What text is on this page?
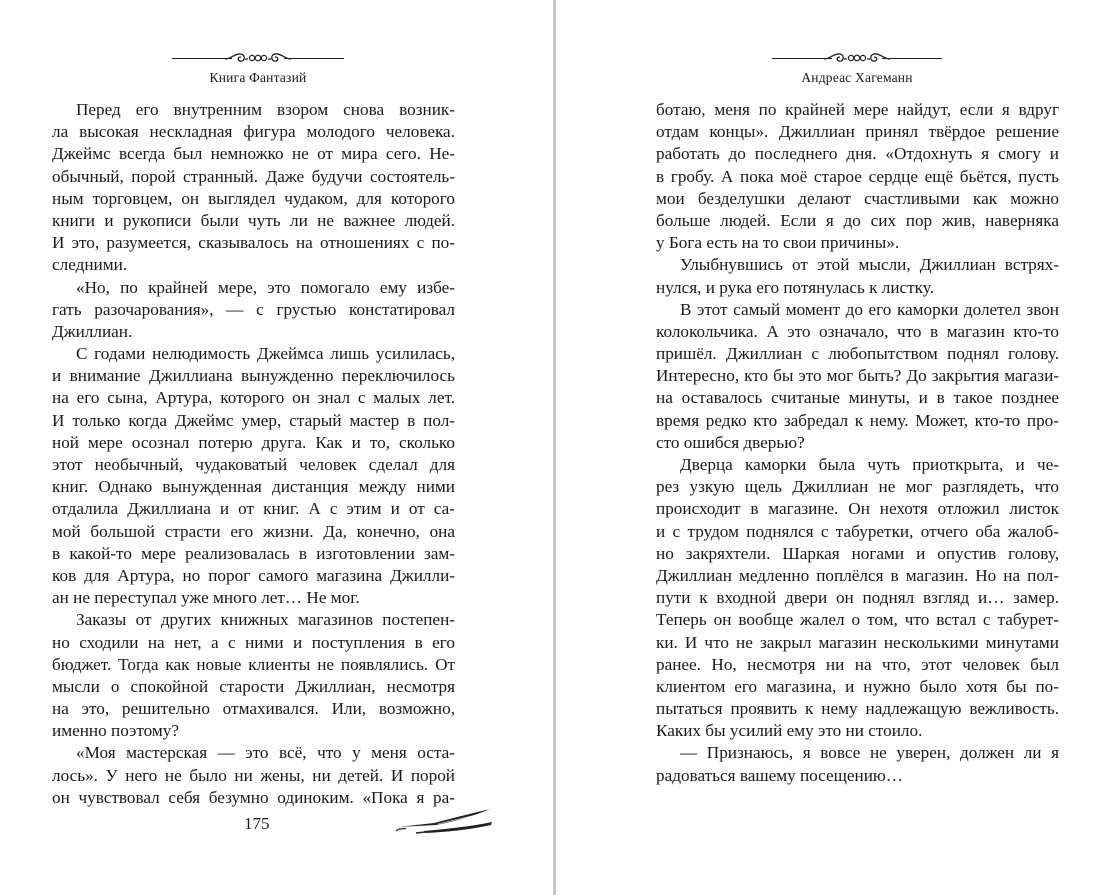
Книга Фантазий
Перед его внутренним взором снова возник-
ла высокая нескладная фигура молодого человека.
Джеймс всегда был немножко не от мира сего. Не-
обычный, порой странный. Даже будучи состоятель-
ным торговцем, он выглядел чудаком, для которого
книги и рукописи были чуть ли не важнее людей.
И это, разумеется, сказывалось на отношениях с по-
следними.
«Но, по крайней мере, это помогало ему избе-
гать разочарования», — с грустью констатировал
Джиллиан.
С годами нелюдимость Джеймса лишь усилилась,
и внимание Джиллиана вынужденно переключилось
на его сына, Артура, которого он знал с малых лет.
И только когда Джеймс умер, старый мастер в пол-
ной мере осознал потерю друга. Как и то, сколько
этот необычный, чудаковатый человек сделал для
книг. Однако вынужденная дистанция между ними
отдалила Джиллиана и от книг. А с этим и от са-
мой большой страсти его жизни. Да, конечно, она
в какой-то мере реализовалась в изготовлении зам-
ков для Артура, но порог самого магазина Джилли-
ан не переступал уже много лет… Не мог.
Заказы от других книжных магазинов постепен-
но сходили на нет, а с ними и поступления в его
бюджет. Тогда как новые клиенты не появлялись. От
мысли о спокойной старости Джиллиан, несмотря
на это, решительно отмахивался. Или, возможно,
именно поэтому?
«Моя мастерская — это всё, что у меня оста-
лось». У него не было ни жены, ни детей. И порой
он чувствовал себя безумно одиноким. «Пока я ра-
175
Андреас Хагеманн
ботаю, меня по крайней мере найдут, если я вдруг
отдам концы». Джиллиан принял твёрдое решение
работать до последнего дня. «Отдохнуть я смогу и
в гробу. А пока моё старое сердце ещё бьётся, пусть
мои безделушки делают счастливыми как можно
больше людей. Если я до сих пор жив, наверняка
у Бога есть на то свои причины».
Улыбнувшись от этой мысли, Джиллиан встрях-
нулся, и рука его потянулась к листку.
В этот самый момент до его каморки долетел звон
колокольчика. А это означало, что в магазин кто-то
пришёл. Джиллиан с любопытством поднял голову.
Интересно, кто бы это мог быть? До закрытия магази-
на оставалось считаные минуты, и в такое позднее
время редко кто забредал к нему. Может, кто-то про-
сто ошибся дверью?
Дверца каморки была чуть приоткрыта, и че-
рез узкую щель Джиллиан не мог разглядеть, что
происходит в магазине. Он нехотя отложил листок
и с трудом поднялся с табуретки, отчего оба жалоб-
но закряхтели. Шаркая ногами и опустив голову,
Джиллиан медленно поплёлся в магазин. Но на пол-
пути к входной двери он поднял взгляд и… замер.
Теперь он вообще жалел о том, что встал с табурет-
ки. И что не закрыл магазин несколькими минутами
ранее. Но, несмотря ни на что, этот человек был
клиентом его магазина, и нужно было хотя бы по-
пытаться проявить к нему надлежащую вежливость.
Каких бы усилий ему это ни стоило.
— Признаюсь, я вовсе не уверен, должен ли я
радоваться вашему посещению…
